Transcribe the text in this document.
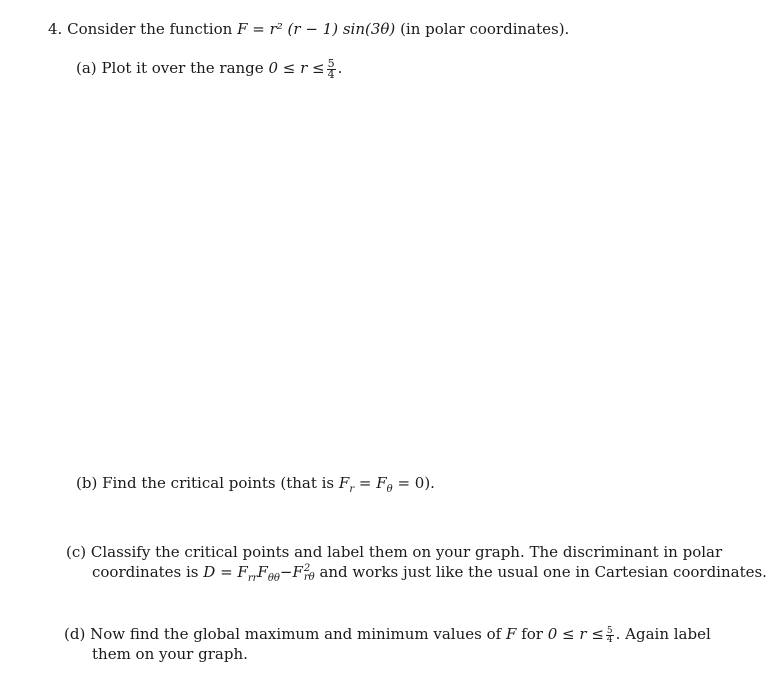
4. Consider the function F = r² (r − 1) sin(3θ) (in polar coordinates).
(a) Plot it over the range $0 \le r \le \frac{5}{4}$ .
(b) Find the critical points (that is $F_r = F_\theta = 0$).
(c) Classify the critical points and label them on your graph. The discriminant in polar
coordinates is $D = F_{rr}F_{\theta\theta}-F$ 2
rθ and works just like the usual one in Cartesian coordinates.
(d) Now find the global maximum and minimum values of F for $0 \le r \le \frac{5}{4}$ . Again label
them on your graph.
